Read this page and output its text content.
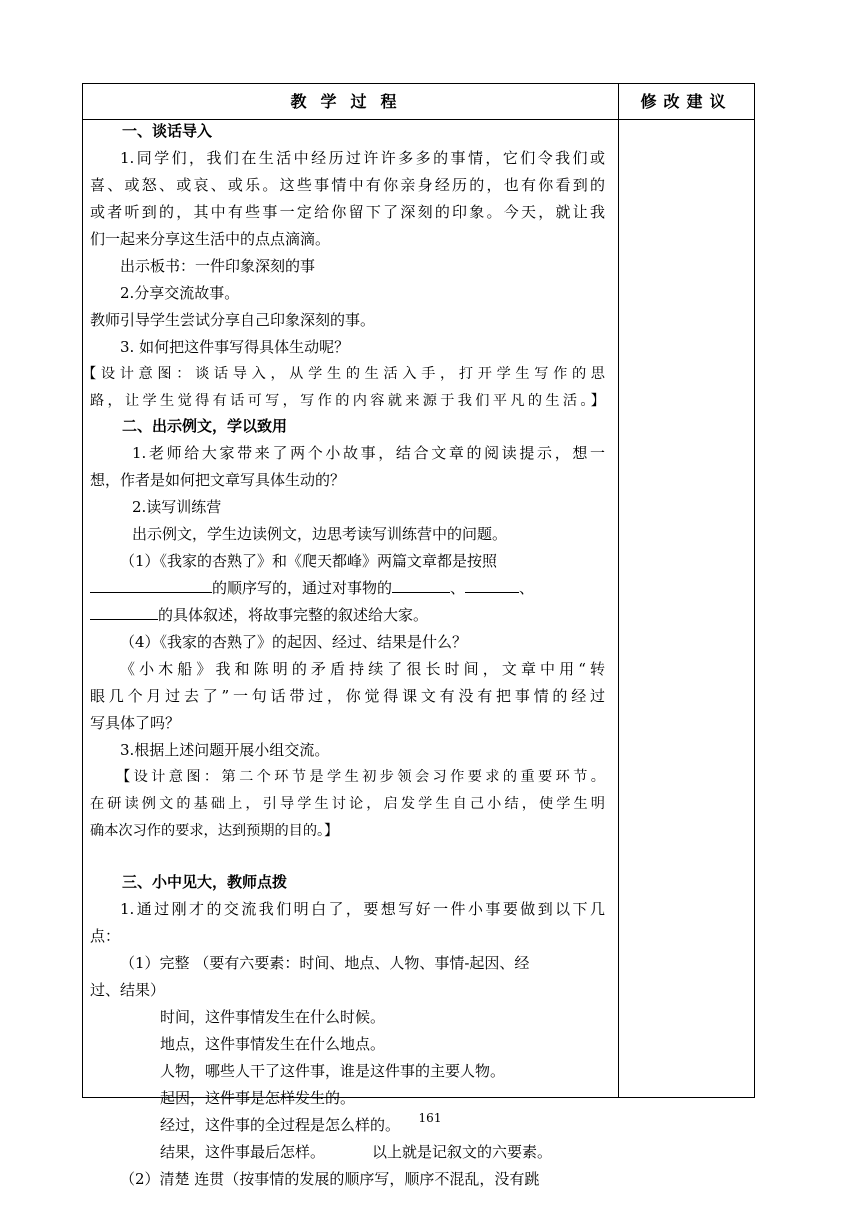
教学过程	修改建议
一、谈话导入
1.同学们，我们在生活中经历过许许多多的事情，它们令我们或
喜、或怒、或哀、或乐。这些事情中有你亲身经历的，也有你看到的
或者听到的，其中有些事一定给你留下了深刻的印象。今天，就让我
们一起来分享这生活中的点点滴滴。
出示板书：一件印象深刻的事
2.分享交流故事。
教师引导学生尝试分享自己印象深刻的事。
3. 如何把这件事写得具体生动呢？
【设计意图：谈话导入，从学生的生活入手，打开学生写作的思
路，让学生觉得有话可写，写作的内容就来源于我们平凡的生活。】
二、出示例文，学以致用
1.老师给大家带来了两个小故事，结合文章的阅读提示，想一
想，作者是如何把文章写具体生动的？
2.读写训练营
出示例文，学生边读例文，边思考读写训练营中的问题。
（1）《我家的杏熟了》和《爬天都峰》两篇文章都是按照
的顺序写的，通过对事物的	、	、
的具体叙述，将故事完整的叙述给大家。
（4）《我家的杏熟了》的起因、经过、结果是什么？
《小木船》我和陈明的矛盾持续了很长时间，文章中用“转
眼几个月过去了”一句话带过，你觉得课文有没有把事情的经过
写具体了吗？
3.根据上述问题开展小组交流。
【设计意图：第二个环节是学生初步领会习作要求的重要环节。
在研读例文的基础上，引导学生讨论，启发学生自己小结，使学生明
确本次习作的要求，达到预期的目的。】
三、小中见大，教师点拨
1.通过刚才的交流我们明白了，要想写好一件小事要做到以下几
点：
（1）完整 （要有六要素：时间、地点、人物、事情-起因、经
过、结果）
时间，这件事情发生在什么时候。
地点，这件事情发生在什么地点。
人物，哪些人干了这件事，谁是这件事的主要人物。
起因，这件事是怎样发生的。
经过，这件事的全过程是怎么样的。
结果，这件事最后怎样。	以上就是记叙文的六要素。
（2）清楚 连贯（按事情的发展的顺序写，顺序不混乱，没有跳
161
